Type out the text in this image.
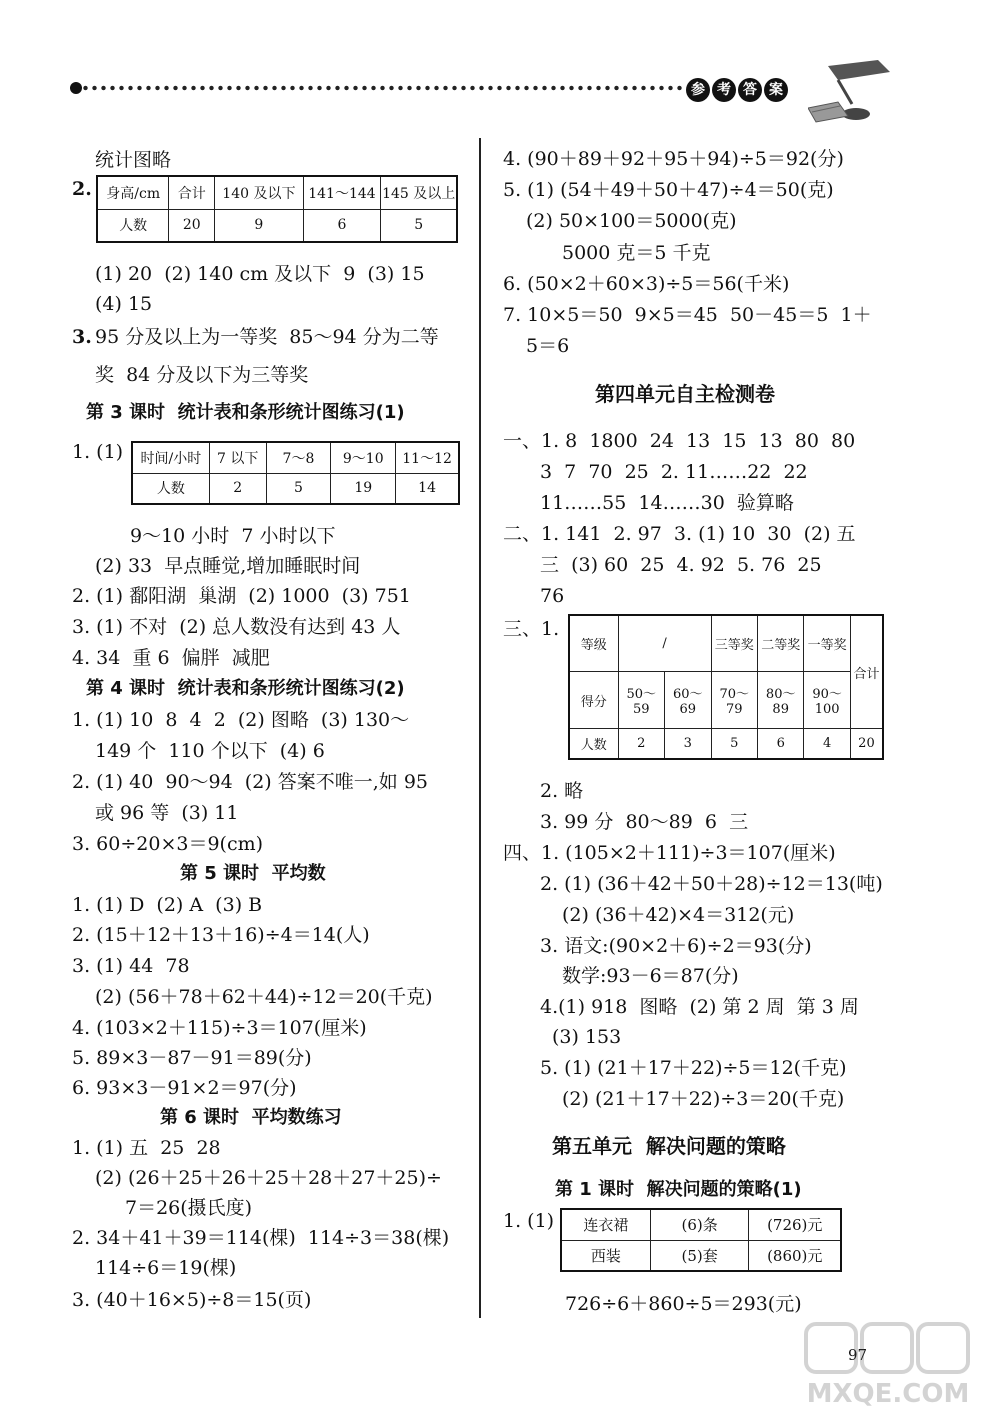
参 考 答 案
统计图略
2. 身高/cm	合计	140 及以下	141～144	145 及以上
人数	20	9	6	5
(1) 20  (2) 140 cm 及以下  9  (3) 15
(4) 15
3. 95 分及以上为一等奖  85～94 分为二等
奖  84 分及以下为三等奖
第 3 课时  统计表和条形统计图练习(1)
1. (1) 时间/小时	7 以下	7～8	9～10	11～12
人数	2	5	19	14
9～10 小时  7 小时以下
(2) 33  早点睡觉,增加睡眠时间
2. (1) 鄱阳湖  巢湖  (2) 1000  (3) 751
3. (1) 不对  (2) 总人数没有达到 43 人
4. 34  重 6  偏胖  减肥
第 4 课时  统计表和条形统计图练习(2)
1. (1) 10  8  4  2  (2) 图略  (3) 130～
149 个  110 个以下  (4) 6
2. (1) 40  90～94  (2) 答案不唯一,如 95
或 96 等  (3) 11
3. 60÷20×3＝9(cm)
第 5 课时  平均数
1. (1) D  (2) A  (3) B
2. (15＋12＋13＋16)÷4＝14(人)
3. (1) 44  78
(2) (56＋78＋62＋44)÷12＝20(千克)
4. (103×2＋115)÷3＝107(厘米)
5. 89×3－87－91＝89(分)
6. 93×3－91×2＝97(分)
第 6 课时  平均数练习
1. (1) 五  25  28
(2) (26＋25＋26＋25＋28＋27＋25)÷
7＝26(摄氏度)
2. 34＋41＋39＝114(棵)  114÷3＝38(棵)
114÷6＝19(棵)
3. (40＋16×5)÷8＝15(页)
4. (90＋89＋92＋95＋94)÷5＝92(分)
5. (1) (54＋49＋50＋47)÷4＝50(克)
(2) 50×100＝5000(克)
5000 克＝5 千克
6. (50×2＋60×3)÷5＝56(千米)
7. 10×5＝50  9×5＝45  50－45＝5  1＋
5＝6
第四单元自主检测卷
一、1. 8  1800  24  13  15  13  80  80
3  7  70  25  2. 11……22  22
11……55  14……30  验算略
二、1. 141  2. 97  3. (1) 10  30  (2) 五
三  (3) 60  25  4. 92  5. 76  25
76
三、1.
等级	/		三等奖	二等奖	一等奖	合计
得分	50～59	60～69	70～79	80～89	90～100	
人数	2	3	5	6	4	20
2. 略
3. 99 分  80～89  6  三
四、1. (105×2＋111)÷3＝107(厘米)
2. (1) (36＋42＋50＋28)÷12＝13(吨)
(2) (36＋42)×4＝312(元)
3. 语文:(90×2＋6)÷2＝93(分)
数学:93－6＝87(分)
4.(1) 918  图略  (2) 第 2 周  第 3 周
(3) 153
5. (1) (21＋17＋22)÷5＝12(千克)
(2) (21＋17＋22)÷3＝20(千克)
第五单元  解决问题的策略
第 1 课时  解决问题的策略(1)
1. (1) 连衣裙	(6)条	(726)元
西装	(5)套	(860)元
726÷6＋860÷5＝293(元)
97
MXQE.COM
